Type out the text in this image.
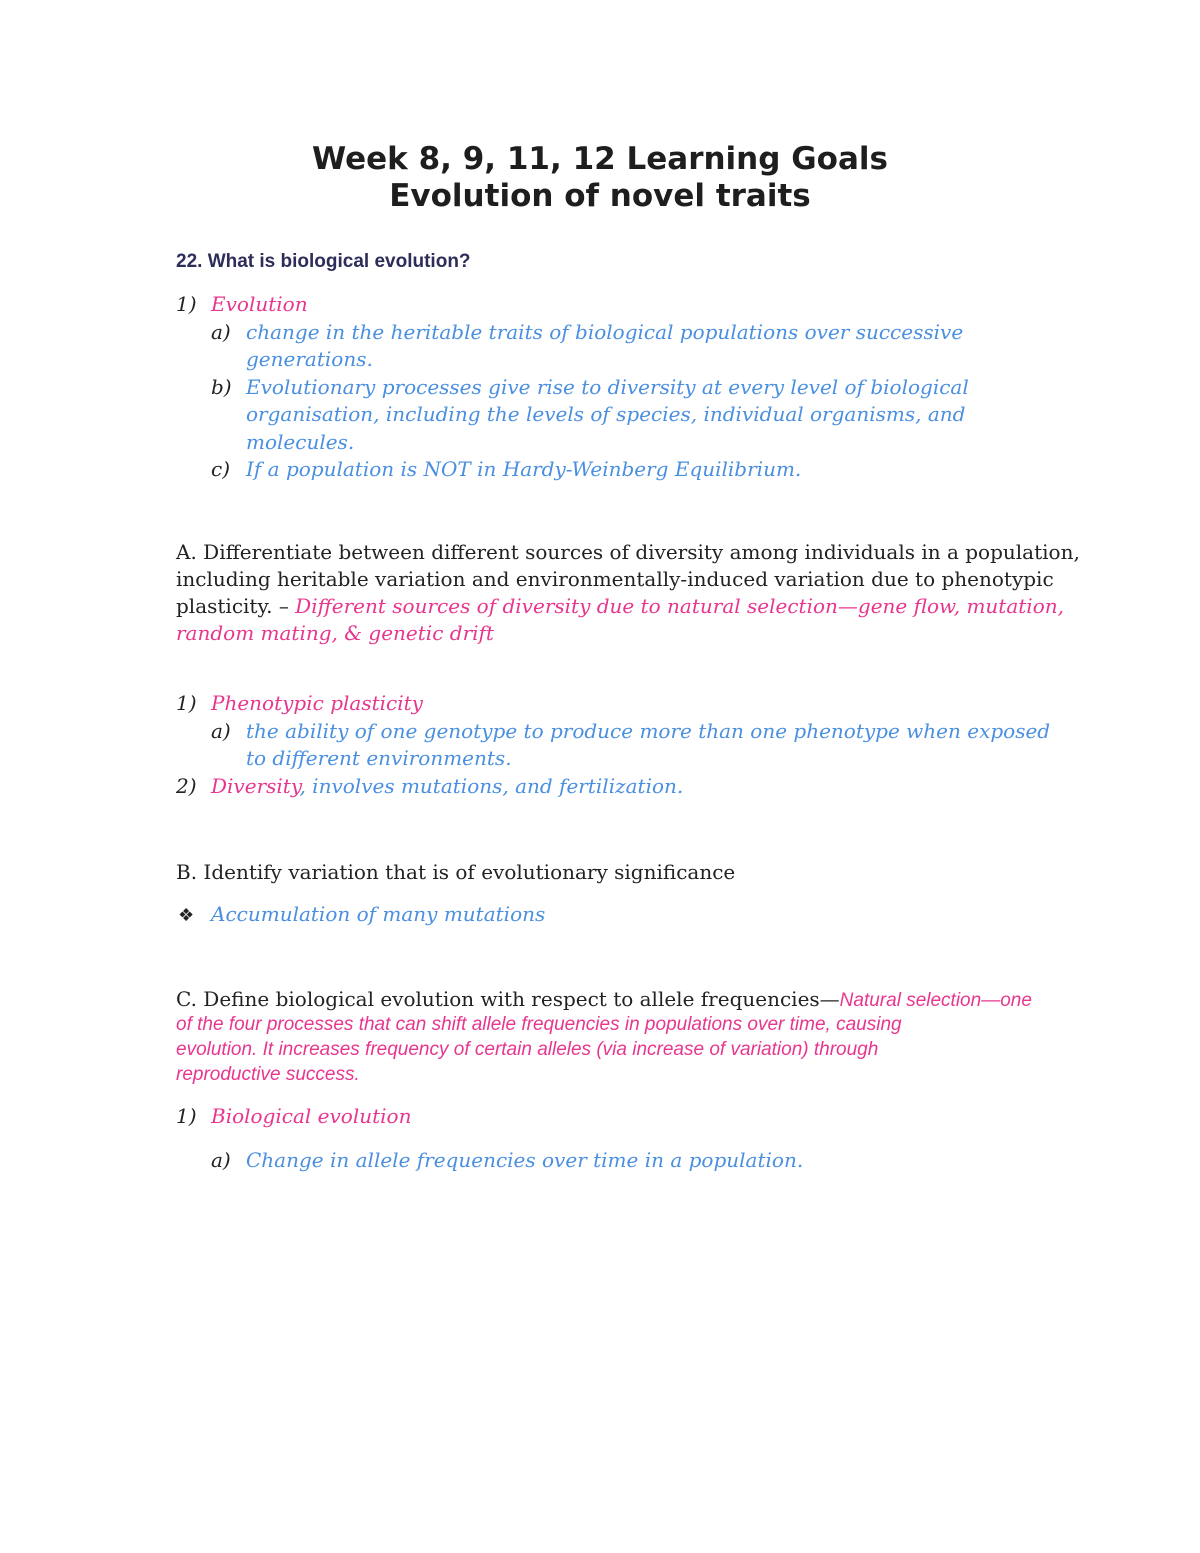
Week 8, 9, 11, 12 Learning Goals
Evolution of novel traits
22. What is biological evolution?
1) Evolution
a) change in the heritable traits of biological populations over successive
generations.
b) Evolutionary processes give rise to diversity at every level of biological
organisation, including the levels of species, individual organisms, and
molecules.
c) If a population is NOT in Hardy-Weinberg Equilibrium.
A. Differentiate between different sources of diversity among individuals in a population,
including heritable variation and environmentally-induced variation due to phenotypic
plasticity. – Different sources of diversity due to natural selection—gene flow, mutation,
random mating, & genetic drift
1) Phenotypic plasticity
a) the ability of one genotype to produce more than one phenotype when exposed
to different environments.
2) Diversity, involves mutations, and fertilization.
B. Identify variation that is of evolutionary significance
❖ Accumulation of many mutations
C. Define biological evolution with respect to allele frequencies—Natural selection—one
of the four processes that can shift allele frequencies in populations over time, causing
evolution. It increases frequency of certain alleles (via increase of variation) through
reproductive success.
1) Biological evolution
a) Change in allele frequencies over time in a population.
